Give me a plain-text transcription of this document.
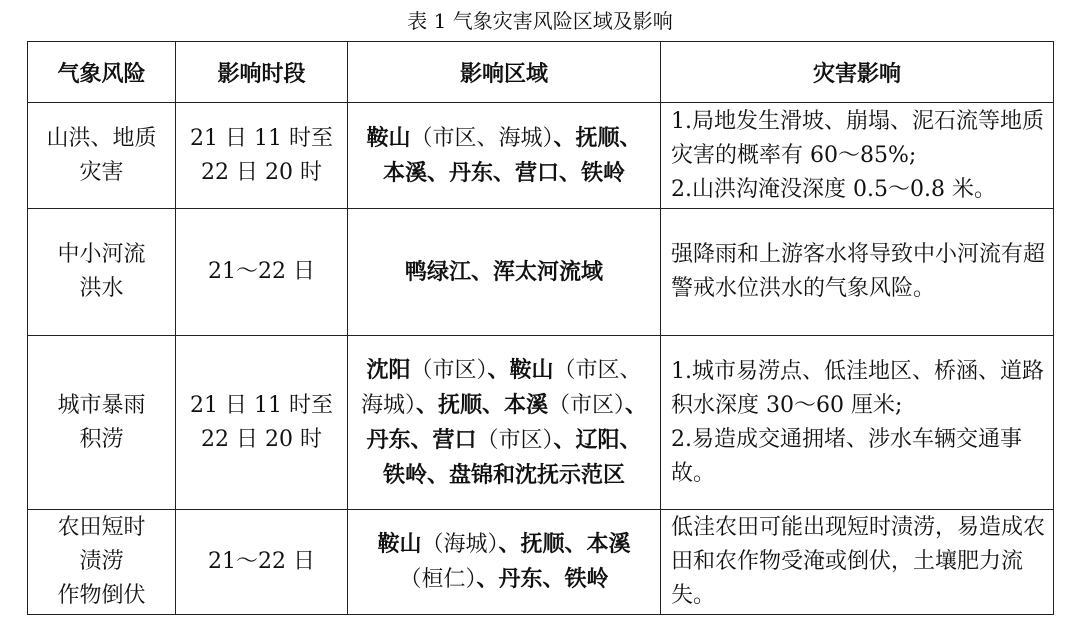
表 1 气象灾害风险区域及影响
气象风险	影响时段	影响区域	灾害影响

山洪、地质
灾害	21 日 11 时至
22 日 20 时	鞍山（市区、海城）、抚顺、本溪、丹东、营口、铁岭	1.局地发生滑坡、崩塌、泥石流等地质灾害的概率有 60～85%;
2.山洪沟淹没深度 0.5～0.8 米。

中小河流
洪水	21～22 日	鸭绿江、浑太河流域	强降雨和上游客水将导致中小河流有超警戒水位洪水的气象风险。

城市暴雨
积涝	21 日 11 时至
22 日 20 时	沈阳（市区）、鞍山（市区、海城）、抚顺、本溪（市区）、丹东、营口（市区）、辽阳、铁岭、盘锦和沈抚示范区	1.城市易涝点、低洼地区、桥涵、道路积水深度 30～60 厘米;
2.易造成交通拥堵、涉水车辆交通事故。

农田短时
渍涝
作物倒伏	21～22 日	鞍山（海城）、抚顺、本溪（桓仁）、丹东、铁岭	低洼农田可能出现短时渍涝，易造成农田和农作物受淹或倒伏，土壤肥力流失。
